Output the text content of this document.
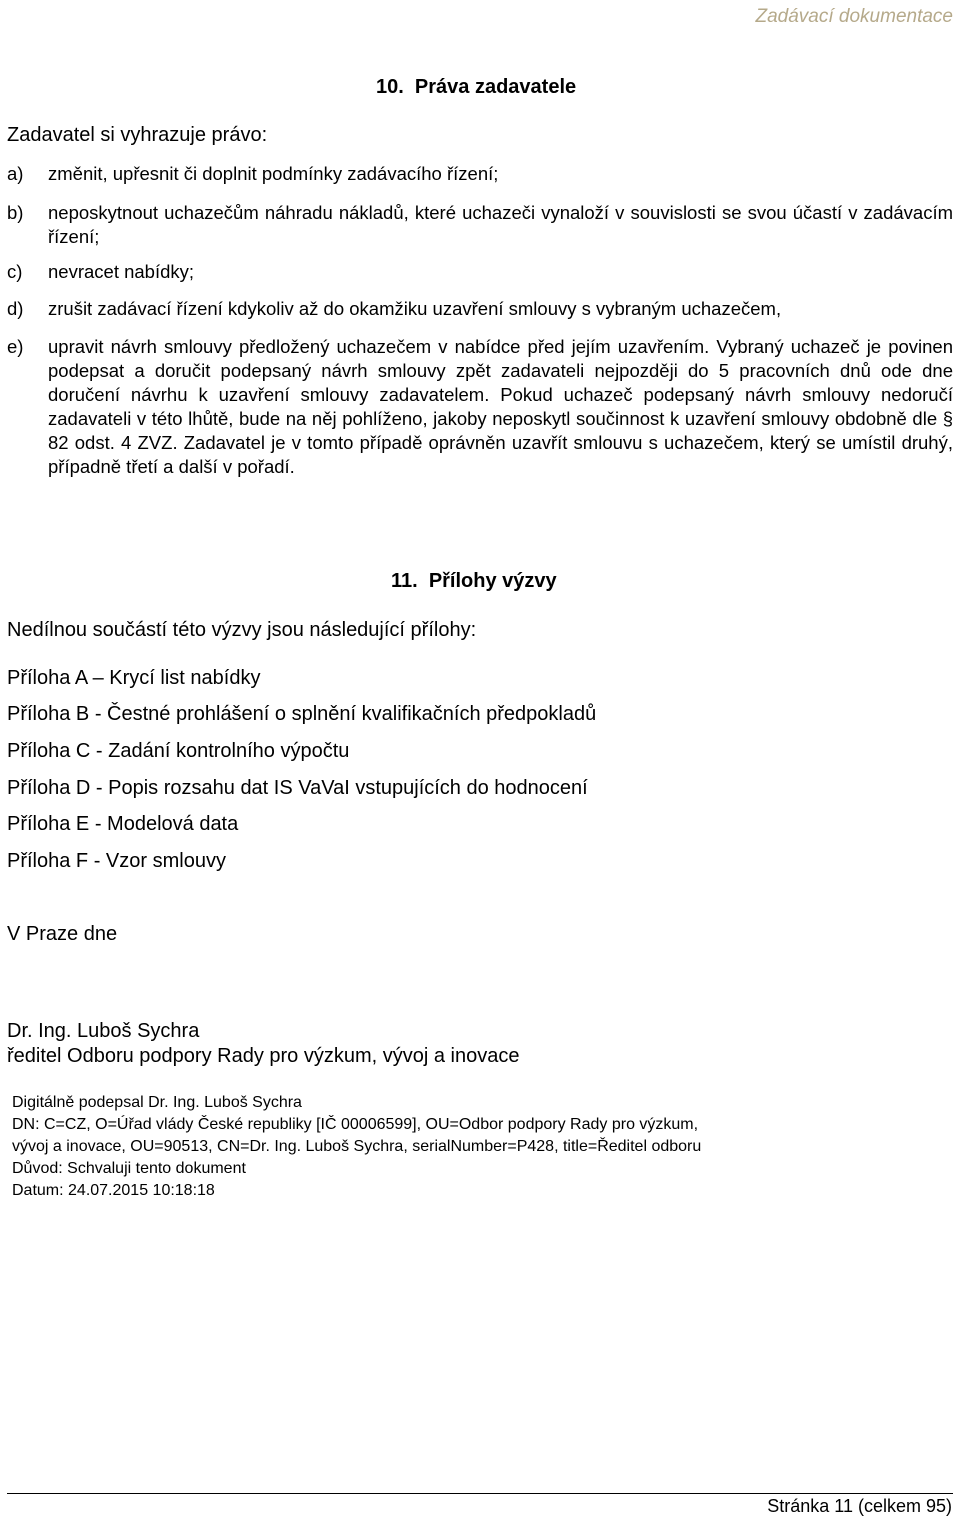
Zadávací dokumentace
10.  Práva zadavatele
Zadavatel si vyhrazuje právo:
a)	změnit, upřesnit či doplnit podmínky zadávacího řízení;
b)	neposkytnout uchazečům náhradu nákladů, které uchazeči vynaloží v souvislosti se svou účastí v zadávacím řízení;
c)	nevracet nabídky;
d)	zrušit zadávací řízení kdykoliv až do okamžiku uzavření smlouvy s vybraným uchazečem,
e)	upravit návrh smlouvy předložený uchazečem v nabídce před jejím uzavřením. Vybraný uchazeč je povinen podepsat a doručit podepsaný návrh smlouvy zpět zadavateli nejpozději do 5 pracovních dnů ode dne doručení návrhu k uzavření smlouvy zadavatelem. Pokud uchazeč podepsaný návrh smlouvy nedoručí zadavateli v této lhůtě, bude na něj pohlíženo, jakoby neposkytl součinnost k uzavření smlouvy obdobně dle § 82 odst. 4 ZVZ. Zadavatel je v tomto případě oprávněn uzavřít smlouvu s uchazečem, který se umístil druhý, případně třetí a další v pořadí.
11.  Přílohy výzvy
Nedílnou součástí této výzvy jsou následující přílohy:
Příloha A – Krycí list nabídky
Příloha B - Čestné prohlášení o splnění kvalifikačních předpokladů
Příloha C - Zadání kontrolního výpočtu
Příloha D - Popis rozsahu dat IS VaVaI vstupujících do hodnocení
Příloha E - Modelová data
Příloha F - Vzor smlouvy
V Praze dne
Dr. Ing. Luboš Sychra
ředitel Odboru podpory Rady pro výzkum, vývoj a inovace
Digitálně podepsal Dr. Ing. Luboš Sychra
DN: C=CZ, O=Úřad vlády České republiky [IČ 00006599], OU=Odbor podpory Rady pro výzkum,
vývoj a inovace, OU=90513, CN=Dr. Ing. Luboš Sychra, serialNumber=P428, title=Ředitel odboru
Důvod: Schvaluji tento dokument
Datum: 24.07.2015 10:18:18
Stránka 11 (celkem 95)
